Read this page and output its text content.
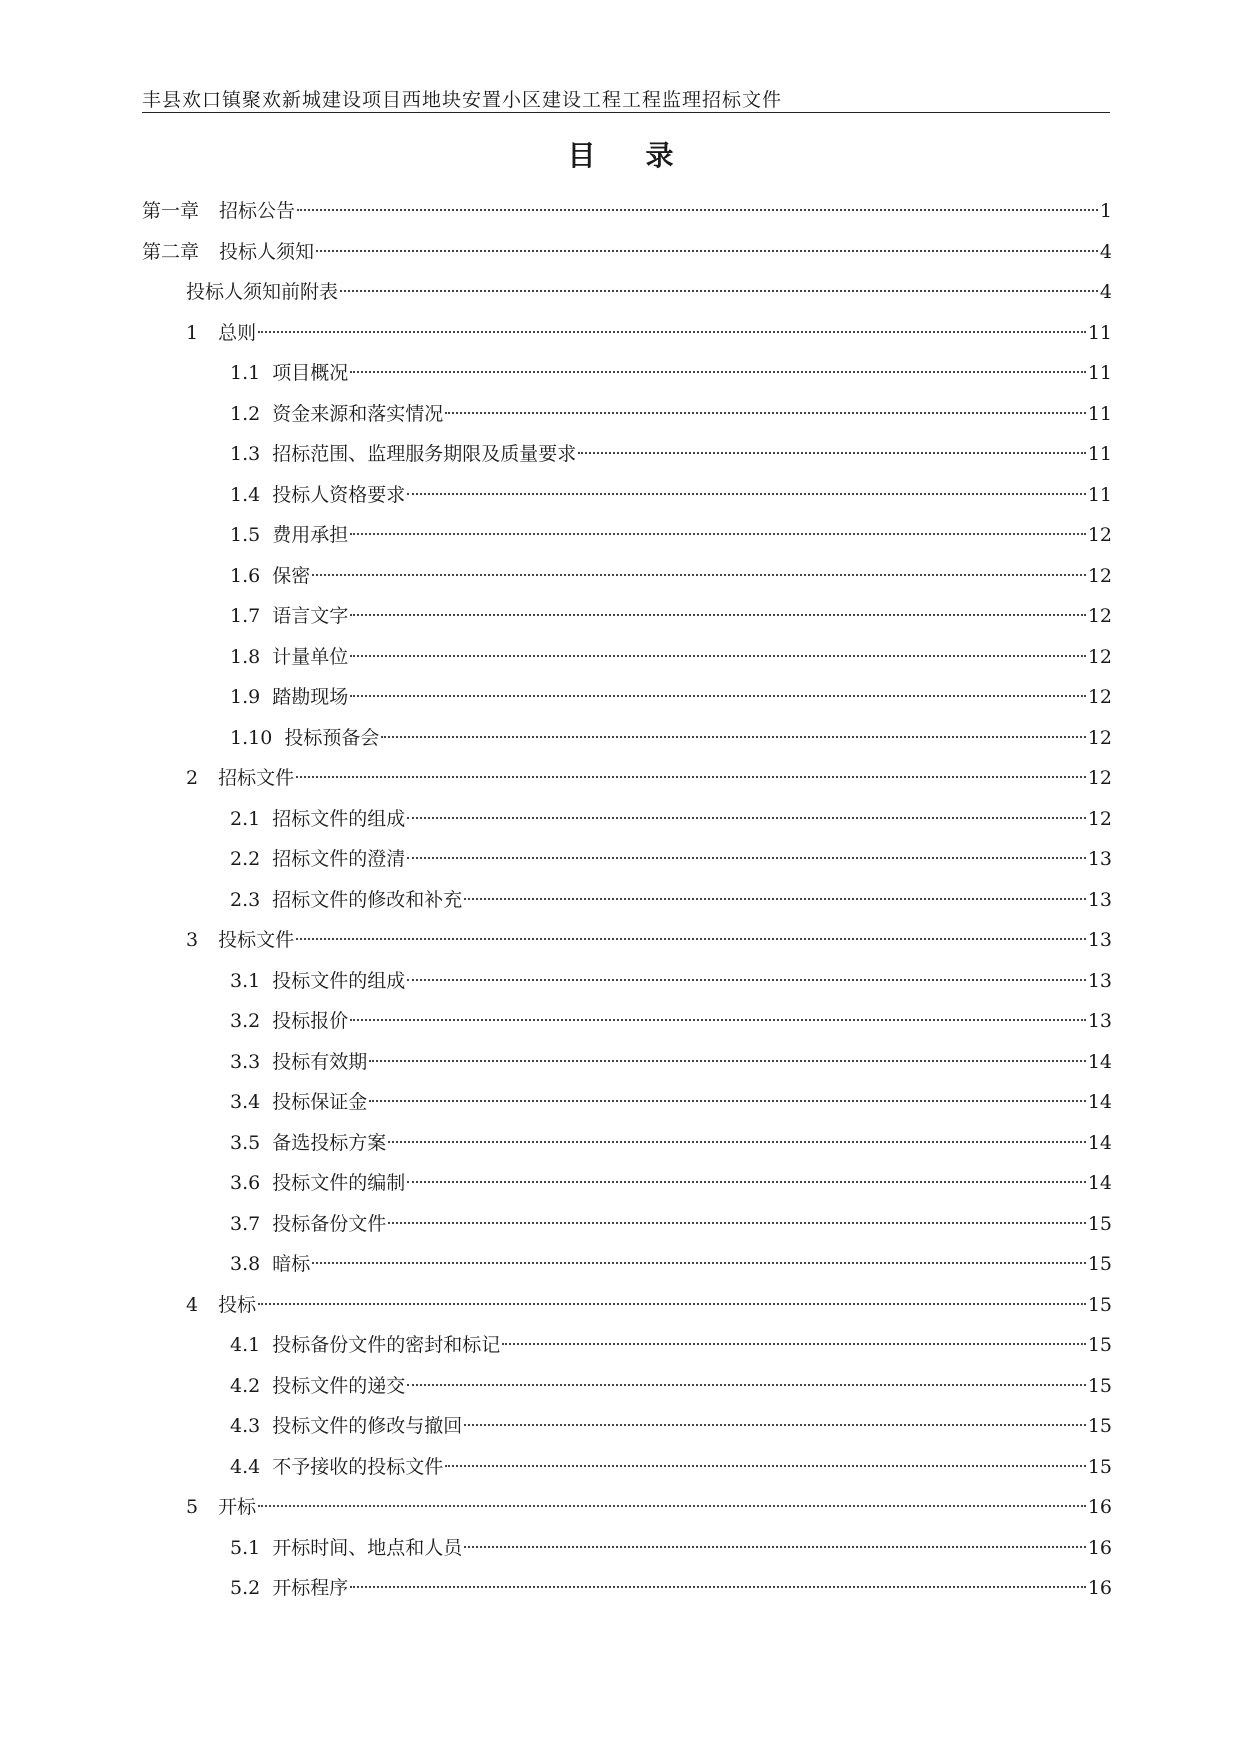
丰县欢口镇聚欢新城建设项目西地块安置小区建设工程工程监理招标文件
目录
第一章 招标公告	1
第二章 投标人须知	4
投标人须知前附表	4
1 总则	11
1.1 项目概况	11
1.2 资金来源和落实情况	11
1.3 招标范围、监理服务期限及质量要求	11
1.4 投标人资格要求	11
1.5 费用承担	12
1.6 保密	12
1.7 语言文字	12
1.8 计量单位	12
1.9 踏勘现场	12
1.10 投标预备会	12
2 招标文件	12
2.1 招标文件的组成	12
2.2 招标文件的澄清	13
2.3 招标文件的修改和补充	13
3 投标文件	13
3.1 投标文件的组成	13
3.2 投标报价	13
3.3 投标有效期	14
3.4 投标保证金	14
3.5 备选投标方案	14
3.6 投标文件的编制	14
3.7 投标备份文件	15
3.8 暗标	15
4 投标	15
4.1 投标备份文件的密封和标记	15
4.2 投标文件的递交	15
4.3 投标文件的修改与撤回	15
4.4 不予接收的投标文件	15
5 开标	16
5.1 开标时间、地点和人员	16
5.2 开标程序	16
